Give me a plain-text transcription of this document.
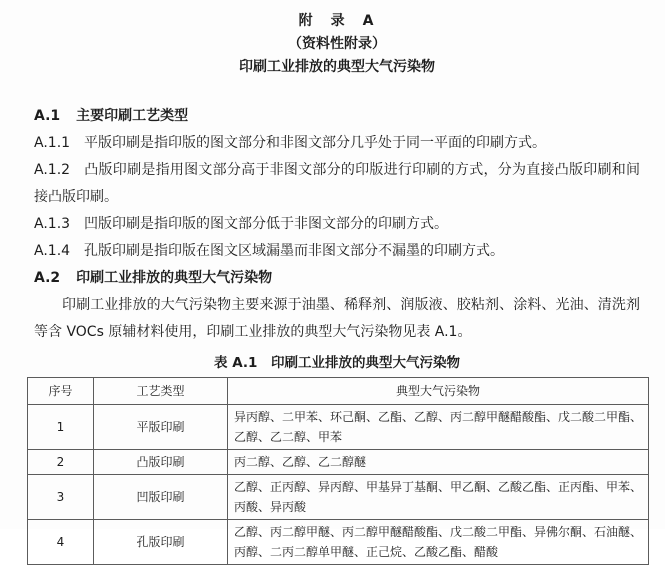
附　录　A
（资料性附录）
印刷工业排放的典型大气污染物
A.1 主要印刷工艺类型
A.1.1 平版印刷是指印版的图文部分和非图文部分几乎处于同一平面的印刷方式。
A.1.2 凸版印刷是指用图文部分高于非图文部分的印版进行印刷的方式，分为直接凸版印刷和间接凸版印刷。
A.1.3 凹版印刷是指印版的图文部分低于非图文部分的印刷方式。
A.1.4 孔版印刷是指印版在图文区域漏墨而非图文部分不漏墨的印刷方式。
A.2 印刷工业排放的典型大气污染物
印刷工业排放的大气污染物主要来源于油墨、稀释剂、润版液、胶粘剂、涂料、光油、清洗剂等含 VOCs 原辅材料使用，印刷工业排放的典型大气污染物见表 A.1。
表 A.1　印刷工业排放的典型大气污染物
序号	工艺类型	典型大气污染物
1	平版印刷	异丙醇、二甲苯、环己酮、乙酯、乙醇、丙二醇甲醚醋酸酯、戊二酸二甲酯、乙醇、乙二醇、甲苯
2	凸版印刷	丙二醇、乙醇、乙二醇醚
3	凹版印刷	乙醇、正丙醇、异丙醇、甲基异丁基酮、甲乙酮、乙酸乙酯、正丙酯、甲苯、丙酸、异丙酸
4	孔版印刷	乙醇、丙二醇甲醚、丙二醇甲醚醋酸酯、戊二酸二甲酯、异佛尔酮、石油醚、丙醇、二丙二醇单甲醚、正己烷、乙酸乙酯、醋酸
